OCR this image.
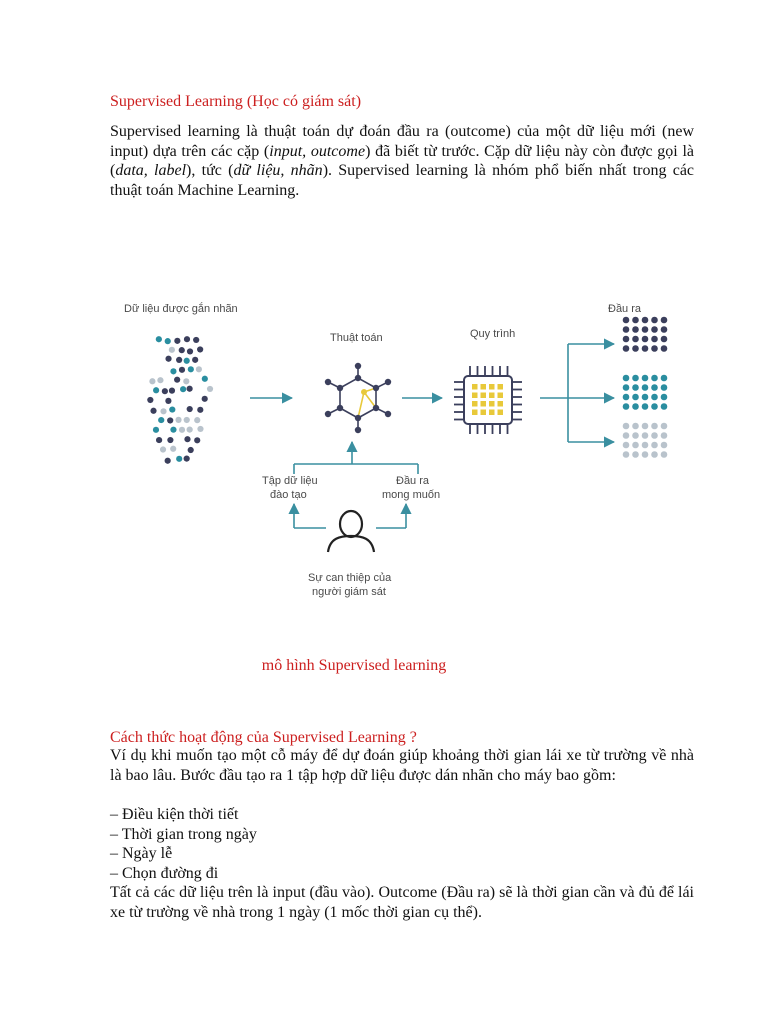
Supervised Learning (Học có giám sát)

Supervised learning là thuật toán dự đoán đầu ra (outcome) của một dữ liệu mới (new input) dựa trên các cặp (input, outcome) đã biết từ trước. Cặp dữ liệu này còn được gọi là (data, label), tức (dữ liệu, nhãn). Supervised learning là nhóm phổ biến nhất trong các thuật toán Machine Learning.

Dữ liệu được gắn nhãn
Thuật toán	Quy trình
Đầu ra
Tập dữ liệu
đào tạo
Đầu ra
mong muốn
Sự can thiệp của
người giám sát
mô hình Supervised learning
Cách thức hoạt động của Supervised Learning ?

Ví dụ khi muốn tạo một cỗ máy để dự đoán giúp khoảng thời gian lái xe từ trường về nhà là bao lâu. Bước đầu tạo ra 1 tập hợp dữ liệu được dán nhãn cho máy bao gồm:

– Điều kiện thời tiết
– Thời gian trong ngày
– Ngày lễ
– Chọn đường đi

Tất cả các dữ liệu trên là input (đầu vào). Outcome (Đầu ra) sẽ là thời gian cần và đủ để lái xe từ trường về nhà trong 1 ngày (1 mốc thời gian cụ thể).
